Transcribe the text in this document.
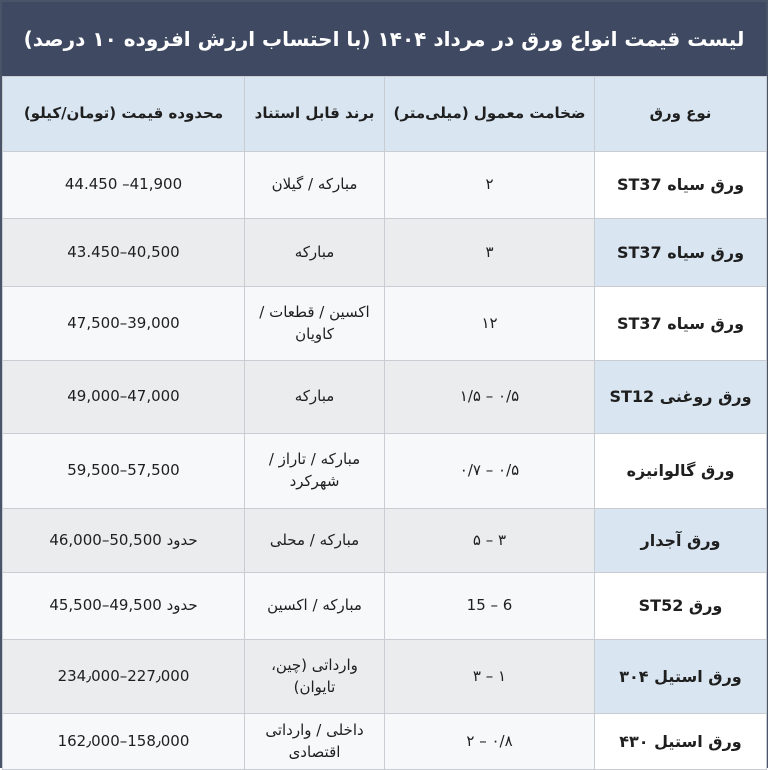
لیست قیمت انواع ورق در مرداد ۱۴۰۴ (با احتساب ارزش افزوده ۱۰ درصد)
نوع ورق	ضخامت معمول (میلی‌متر)	برند قابل استناد	محدوده قیمت (تومان/کیلو)
ورق سیاه ST37	۲	مبارکه / گیلان	44.450 –41,900
ورق سیاه ST37	۳	مبارکه	43.450–40,500
ورق سیاه ST37	۱۲	اکسین / قطعات / کاویان	47,500–39,000
ورق روغنی ST12	۰/۵ – ۱/۵	مبارکه	49,000–47,000
ورق گالوانیزه	۰/۵ – ۰/۷	مبارکه / تاراز / شهرکرد	59,500–57,500
ورق آجدار	۳ – ۵	مبارکه / محلی	حدود 50,500–46,000
ورق ST52	6 – 15	مبارکه / اکسین	حدود 49,500–45,500
ورق استیل ۳۰۴	۱ – ۳	وارداتی (چین، تایوان)	234٫000–227٫000
ورق استیل ۴۳۰	۰/۸ – ۲	داخلی / وارداتی اقتصادی	162٫000–158٫000
